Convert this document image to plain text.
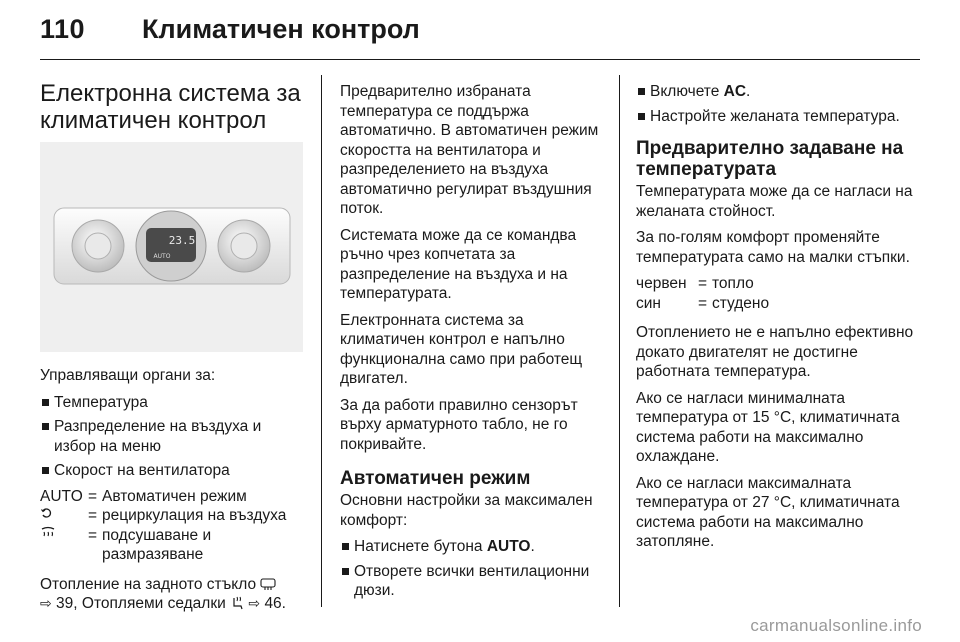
110 Климатичен контрол
Електронна система за климатичен контрол
23.5
AUTO

Управляващи органи за:

Температура
Разпределение на въздуха и избор на меню
Скорост на вентилатора
AUTO	=	Автоматичен режим
	=	рециркулация на въздуха
	=	подсушаване и размразяване

Отопление на задното стъкло
⇨ 39, Отопляеми седалки ⇨ 46.

Предварително избраната температура се поддържа автоматично. В автоматичен режим скоростта на вентилатора и разпределението на въздуха автоматично регулират въздушния поток.

Системата може да се командва ръчно чрез копчетата за разпределение на въздуха и на температурата.

Електронната система за климатичен контрол е напълно функционална само при работещ двигател.

За да работи правилно сензорът върху арматурното табло, не го покривайте.

Автоматичен режим

Основни настройки за максимален комфорт:

Натиснете бутона AUTO.
Отворете всички вентилационни дюзи.
Включете AC.
Настройте желаната температура.
Предварително задаване на температурата

Температурата може да се нагласи на желаната стойност.

За по-голям комфорт променяйте температурата само на малки стъпки.

червен	=	топло
син	=	студено

Отоплението не е напълно ефективно докато двигателят не достигне работната температура.

Ако се нагласи минималната температура от 15 °C, климатичната система работи на максимално охлаждане.

Ако се нагласи максималната температура от 27 °C, климатичната система работи на максимално затопляне.

carmanualsonline.info
